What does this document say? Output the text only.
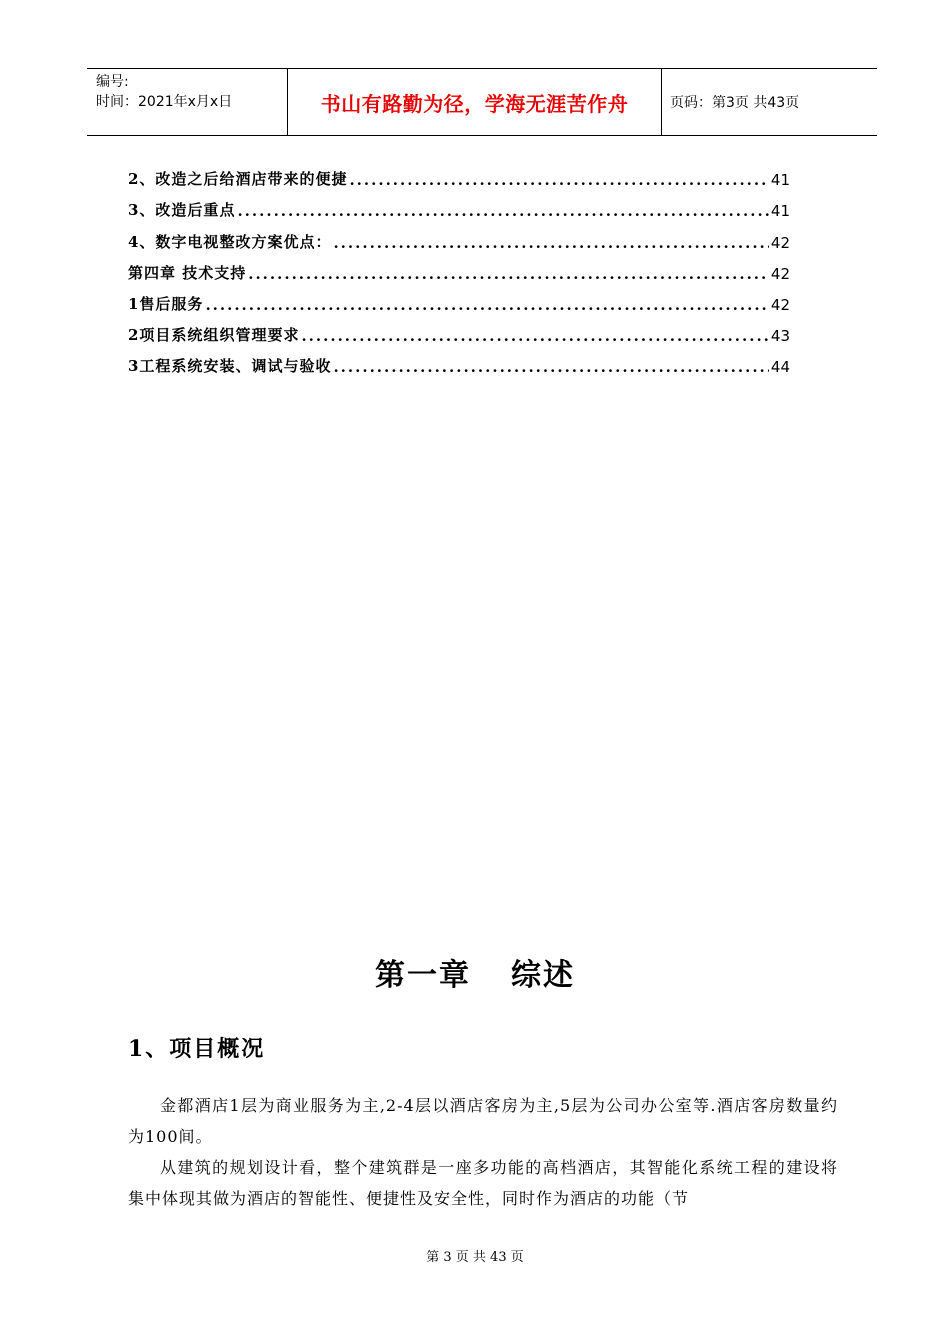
编号:
时间：2021年x月x日	书山有路勤为径，学海无涯苦作舟	页码：第3页 共43页
2、改造之后给酒店带来的便捷 .....	41
3、改造后重点 .....	41
4、数字电视整改方案优点： .....	42
第四章 技术支持 .....	42
1售后服务 .....	42
2项目系统组织管理要求 .....	43
3工程系统安装、调试与验收 .....	44
第一章 综述
1、项目概况

金都酒店1层为商业服务为主,2-4层以酒店客房为主,5层为公司办公室等.酒店客房数量约为100间。

从建筑的规划设计看，整个建筑群是一座多功能的高档酒店，其智能化系统工程的建设将集中体现其做为酒店的智能性、便捷性及安全性，同时作为酒店的功能（节

第 3 页 共 43 页
